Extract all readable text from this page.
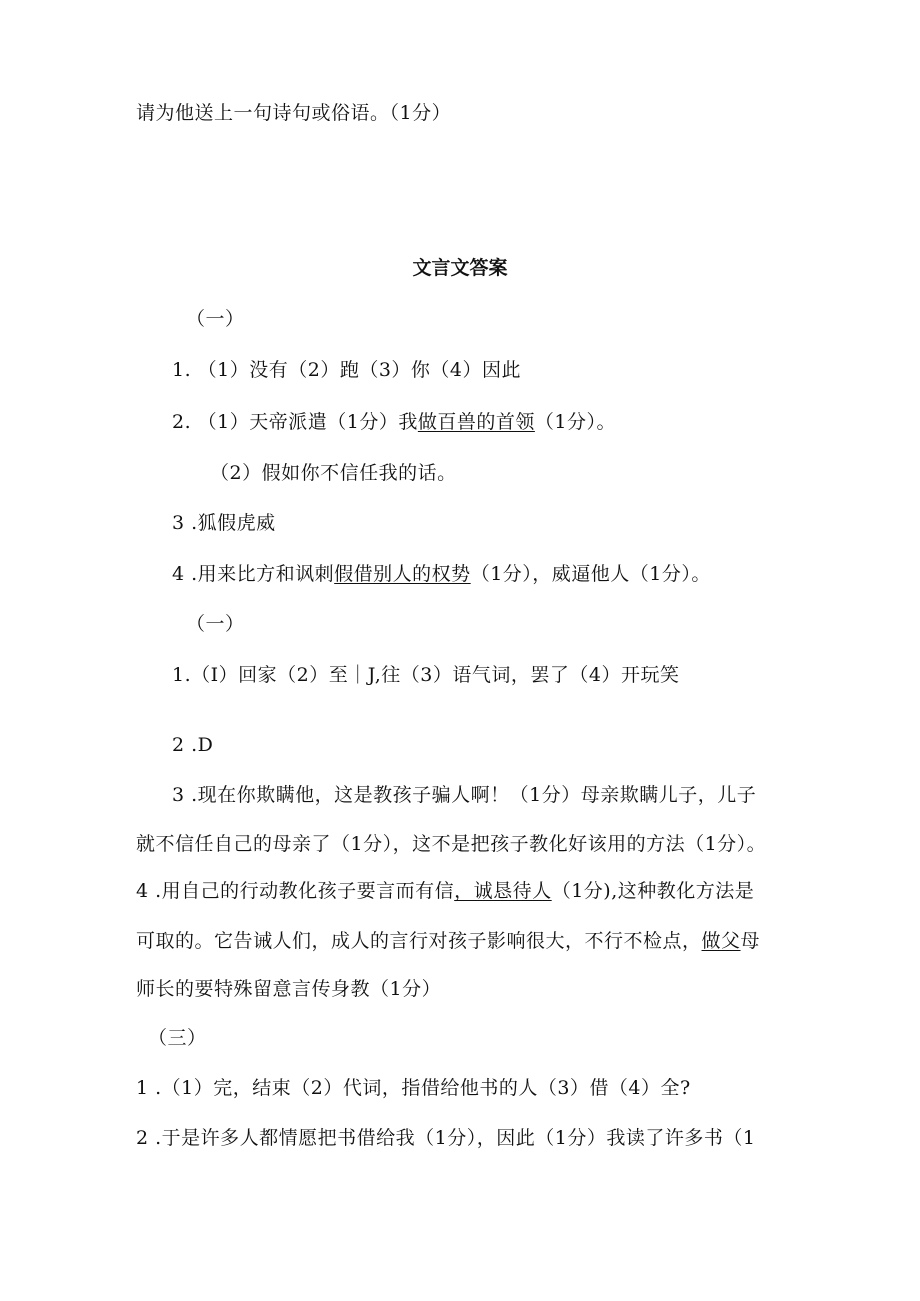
请为他送上一句诗句或俗语。（1分）
文言文答案
（一）
1. （1）没有（2）跑（3）你（4）因此
2. （1）天帝派遣（1分）我做百兽的首领（1分）。
（2）假如你不信任我的话。
3 .狐假虎威
4 .用来比方和讽刺假借别人的权势（1分），威逼他人（1分）。
（一）
1.（I）回家（2）至｜J,往（3）语气词，罢了（4）开玩笑
2 .D
3 .现在你欺瞒他，这是教孩子骗人啊！（1分）母亲欺瞒儿子，儿子
就不信任自己的母亲了（1分），这不是把孩子教化好该用的方法（1分）。
4 .用自己的行动教化孩子要言而有信，诚恳待人（1分),这种教化方法是
可取的。它告诫人们，成人的言行对孩子影响很大，不行不检点，做父母
师长的要特殊留意言传身教（1分）
（三）
1 .（1）完，结束（2）代词，指借给他书的人（3）借（4）全?
2 .于是许多人都情愿把书借给我（1分），因此（1分）我读了许多书（1
